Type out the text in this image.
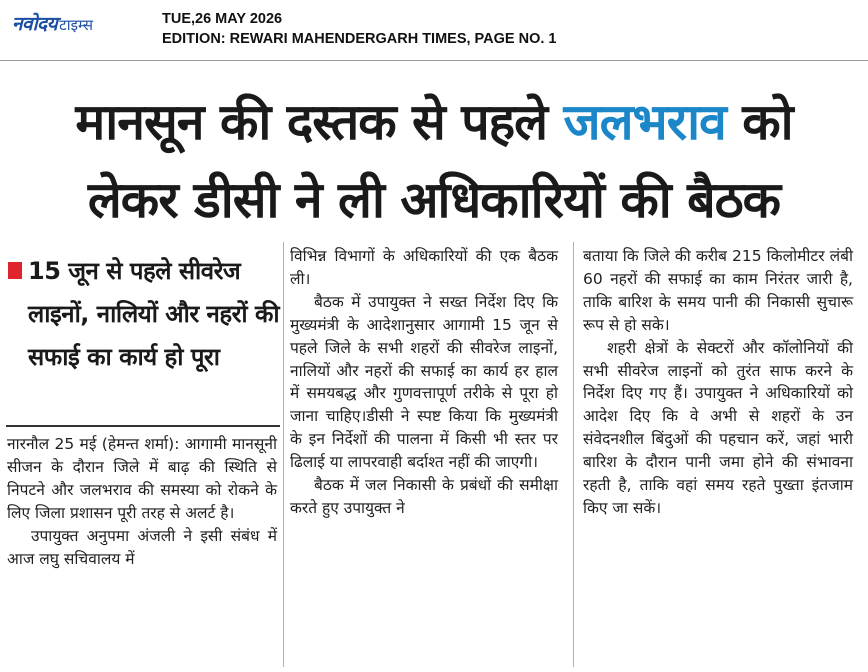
नवोदय टाइम्स	TUE,26 MAY 2026
EDITION: REWARI MAHENDERGARH TIMES, PAGE NO. 1
मानसून की दस्तक से पहले जलभराव को
लेकर डीसी ने ली अधिकारियों की बैठक
15 जून से पहले सीवरेज लाइनों, नालियों और नहरों की सफाई का कार्य हो पूरा

नारनौल 25 मई (हेमन्त शर्मा): आगामी मानसूनी सीजन के दौरान जिले में बाढ़ की स्थिति से निपटने और जलभराव की समस्या को रोकने के लिए जिला प्रशासन पूरी तरह से अलर्ट है।

उपायुक्त अनुपमा अंजली ने इसी संबंध में आज लघु सचिवालय में

विभिन्न विभागों के अधिकारियों की एक बैठक ली।

बैठक में उपायुक्त ने सख्त निर्देश दिए कि मुख्यमंत्री के आदेशानुसार आगामी 15 जून से पहले जिले के सभी शहरों की सीवरेज लाइनों, नालियों और नहरों की सफाई का कार्य हर हाल में समयबद्ध और गुणवत्तापूर्ण तरीके से पूरा हो जाना चाहिए।डीसी ने स्पष्ट किया कि मुख्यमंत्री के इन निर्देशों की पालना में किसी भी स्तर पर ढिलाई या लापरवाही बर्दाश्त नहीं की जाएगी।

बैठक में जल निकासी के प्रबंधों की समीक्षा करते हुए उपायुक्त ने

बताया कि जिले की करीब 215 किलोमीटर लंबी 60 नहरों की सफाई का काम निरंतर जारी है, ताकि बारिश के समय पानी की निकासी सुचारू रूप से हो सके।

शहरी क्षेत्रों के सेक्टरों और कॉलोनियों की सभी सीवरेज लाइनों को तुरंत साफ करने के निर्देश दिए गए हैं। उपायुक्त ने अधिकारियों को आदेश दिए कि वे अभी से शहरों के उन संवेदनशील बिंदुओं की पहचान करें, जहां भारी बारिश के दौरान पानी जमा होने की संभावना रहती है, ताकि वहां समय रहते पुख्ता इंतजाम किए जा सकें।
